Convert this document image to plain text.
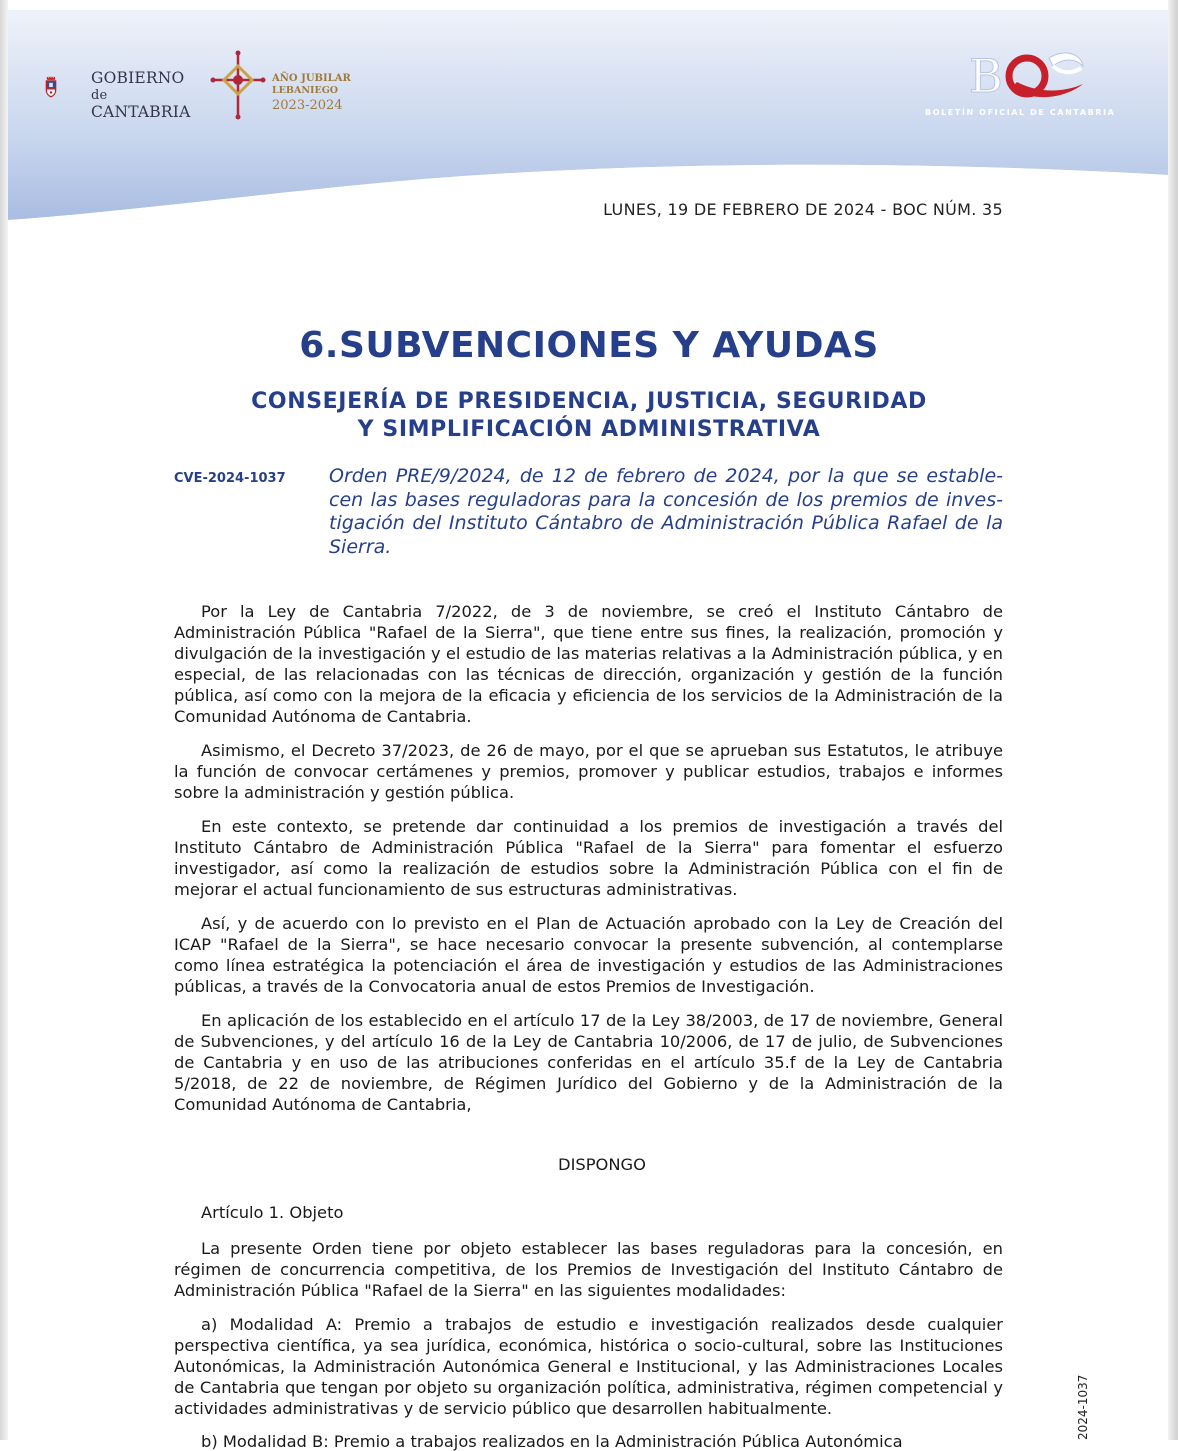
GOBIERNO
de
CANTABRIA
AÑO JUBILAR
LEBANIEGO
2023-2024
B
BOLETÍN OFICIAL DE CANTABRIA
LUNES, 19 DE FEBRERO DE 2024 - BOC NÚM. 35
6.SUBVENCIONES Y AYUDAS
CONSEJERÍA DE PRESIDENCIA, JUSTICIA, SEGURIDAD
Y SIMPLIFICACIÓN ADMINISTRATIVA
CVE-2024-1037 Orden PRE/9/2024, de 12 de febrero de 2024, por la que se estable-cen las bases reguladoras para la concesión de los premios de inves-tigación del Instituto Cántabro de Administración Pública Rafael de la Sierra.

Por la Ley de Cantabria 7/2022, de 3 de noviembre, se creó el Instituto Cántabro de Administración Pública "Rafael de la Sierra", que tiene entre sus fines, la realización, promoción y divulgación de la investigación y el estudio de las materias relativas a la Administración pública, y en especial, de las relacionadas con las técnicas de dirección, organización y gestión de la función pública, así como con la mejora de la eficacia y eficiencia de los servicios de la Administración de la Comunidad Autónoma de Cantabria.

Asimismo, el Decreto 37/2023, de 26 de mayo, por el que se aprueban sus Estatutos, le atribuye la función de convocar certámenes y premios, promover y publicar estudios, trabajos e informes sobre la administración y gestión pública.

En este contexto, se pretende dar continuidad a los premios de investigación a través del Instituto Cántabro de Administración Pública "Rafael de la Sierra" para fomentar el esfuerzo investigador, así como la realización de estudios sobre la Administración Pública con el fin de mejorar el actual funcionamiento de sus estructuras administrativas.

Así, y de acuerdo con lo previsto en el Plan de Actuación aprobado con la Ley de Creación del ICAP "Rafael de la Sierra", se hace necesario convocar la presente subvención, al contemplarse como línea estratégica la potenciación el área de investigación y estudios de las Administraciones públicas, a través de la Convocatoria anual de estos Premios de Investigación.

En aplicación de los establecido en el artículo 17 de la Ley 38/2003, de 17 de noviembre, General de Subvenciones, y del artículo 16 de la Ley de Cantabria 10/2006, de 17 de julio, de Subvenciones de Cantabria y en uso de las atribuciones conferidas en el artículo 35.f de la Ley de Cantabria 5/2018, de 22 de noviembre, de Régimen Jurídico del Gobierno y de la Administración de la Comunidad Autónoma de Cantabria,

DISPONGO
Artículo 1. Objeto

La presente Orden tiene por objeto establecer las bases reguladoras para la concesión, en régimen de concurrencia competitiva, de los Premios de Investigación del Instituto Cántabro de Administración Pública "Rafael de la Sierra" en las siguientes modalidades:

a) Modalidad A: Premio a trabajos de estudio e investigación realizados desde cualquier perspectiva científica, ya sea jurídica, económica, histórica o socio-cultural, sobre las Instituciones Autonómicas, la Administración Autonómica General e Institucional, y las Administraciones Locales de Cantabria que tengan por objeto su organización política, administrativa, régimen competencial y actividades administrativas y de servicio público que desarrollen habitualmente.

b) Modalidad B: Premio a trabajos realizados en la Administración Pública Autonómica
2024-1037
